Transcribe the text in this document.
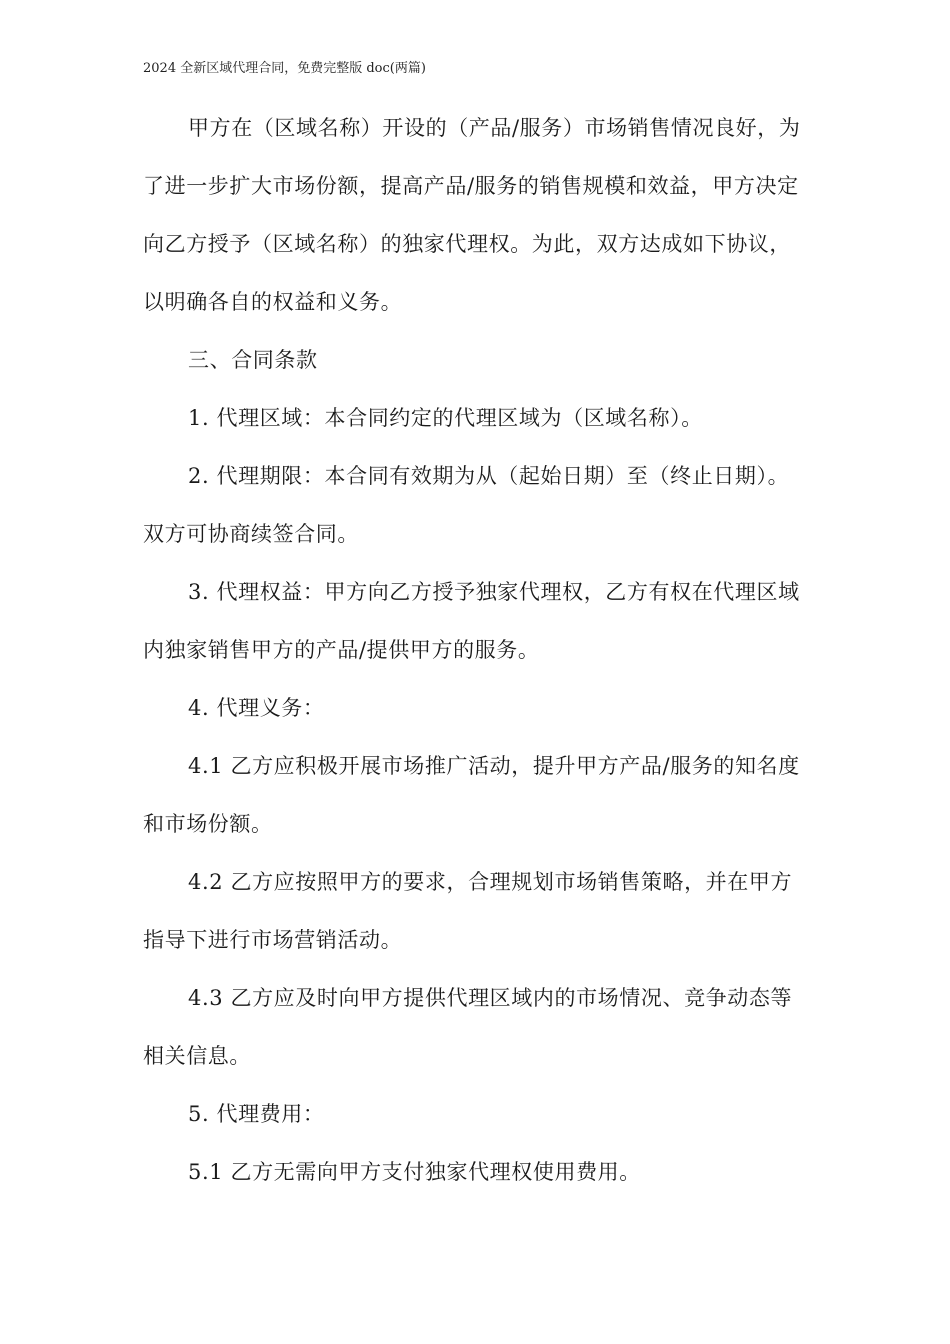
2024 全新区域代理合同，免费完整版 doc(两篇)

甲方在（区域名称）开设的（产品/服务）市场销售情况良好，为了进一步扩大市场份额，提高产品/服务的销售规模和效益，甲方决定向乙方授予（区域名称）的独家代理权。为此，双方达成如下协议，以明确各自的权益和义务。

三、合同条款

1. 代理区域：本合同约定的代理区域为（区域名称）。

2. 代理期限：本合同有效期为从（起始日期）至（终止日期）。双方可协商续签合同。

3. 代理权益：甲方向乙方授予独家代理权，乙方有权在代理区域内独家销售甲方的产品/提供甲方的服务。

4. 代理义务：

4.1 乙方应积极开展市场推广活动，提升甲方产品/服务的知名度和市场份额。

4.2 乙方应按照甲方的要求，合理规划市场销售策略，并在甲方指导下进行市场营销活动。

4.3 乙方应及时向甲方提供代理区域内的市场情况、竞争动态等相关信息。

5. 代理费用：

5.1 乙方无需向甲方支付独家代理权使用费用。
